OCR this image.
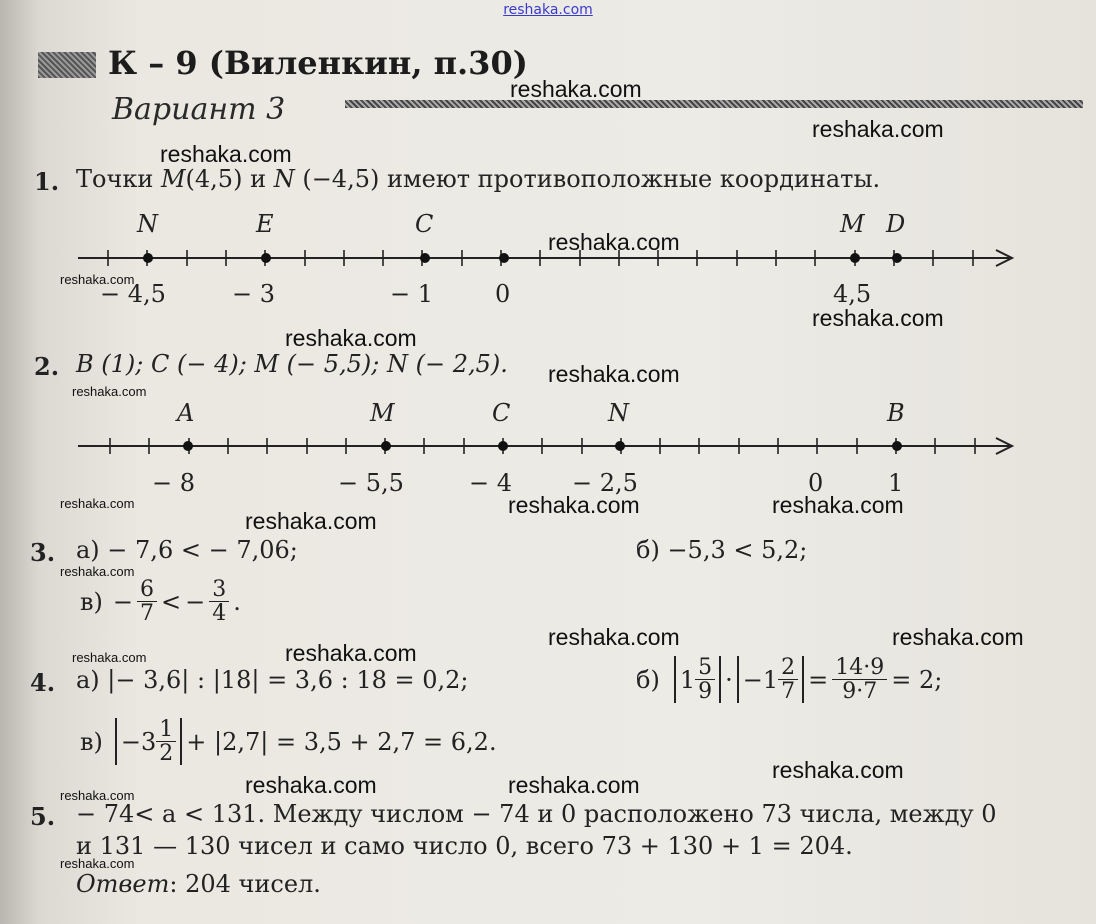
reshaka.com
К – 9 (Виленкин, п.30)
Вариант 3
1. Точки M(4,5) и N (−4,5) имеют противоположные координаты.
N	E	C	M D
− 4,5	− 3	− 1	0	4,5
2. B (1); C (− 4); M (− 5,5); N (− 2,5).
A	M	C	N	B
− 8	− 5,5	− 4 − 2,5	0	1
3. а) − 7,6 < − 7,06;	б) −5,3 < 5,2;
$в) - \frac{6}{7}$ < − $\frac{3}{4}$ .
4. а) |− 3,6| : |18| = 3,6 : 18 = 0,2;	б) $1 \frac{5}{9} \cdot -1 \frac{2}{7} = \frac{14\cdot 9}{9\cdot 7} = 2$;
$в) -3 \frac{1}{2} + |2,7| = 3,5 + 2,7 = 6,2$.
5. − 74< a < 131. Между числом − 74 и 0 расположено 73 числа, между 0
и 131 — 130 чисел и само число 0, всего 73 + 130 + 1 = 204.
Ответ: 204 чисел.
reshaka.com
reshaka.com
reshaka.com
reshaka.com
reshaka.com
reshaka.com
reshaka.com
reshaka.com	reshaka.com
reshaka.com
reshaka.com	reshaka.com
reshaka.com
reshaka.com
reshaka.com	reshaka.com
reshaka.com
reshaka.com
reshaka.com
reshaka.com
reshaka.com
reshaka.com
reshaka.com
